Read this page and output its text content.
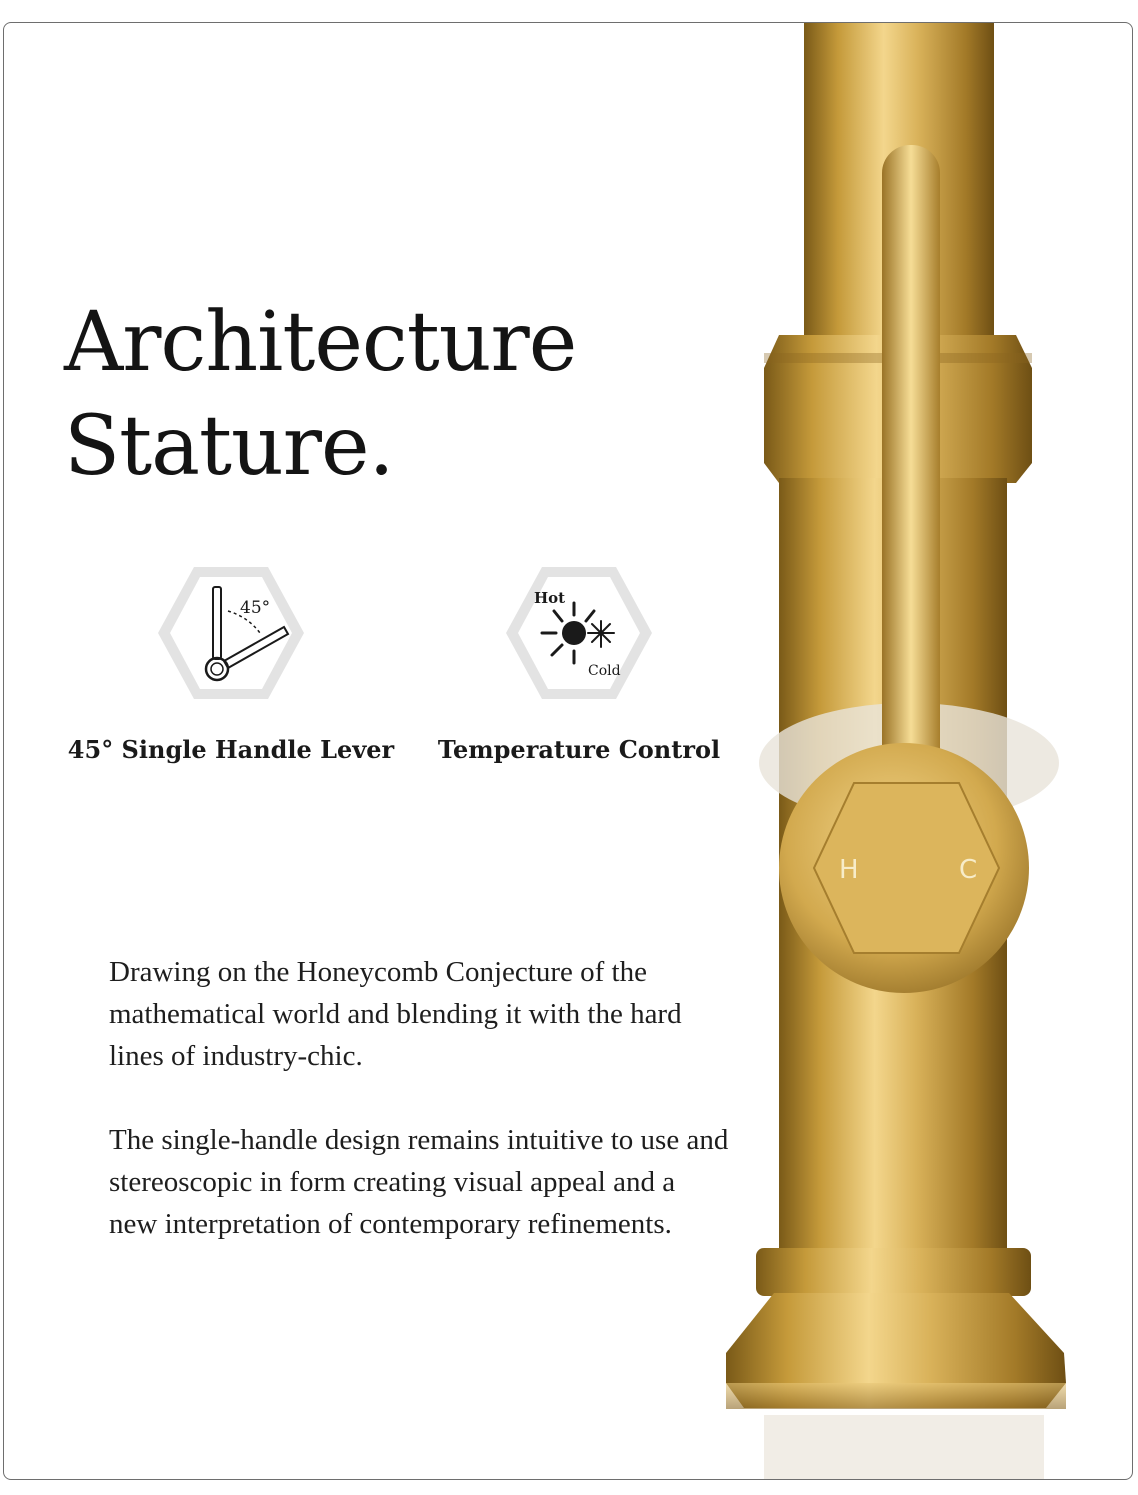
H	C
Architecture
Stature.
45°
45° Single Handle Lever
Hot
Cold
Temperature Control

Drawing on the Honeycomb Conjecture of the mathematical world and blending it with the hard lines of industry-chic.

The single-handle design remains intuitive to use and stereoscopic in form creating visual appeal and a new interpretation of contemporary refinements.
